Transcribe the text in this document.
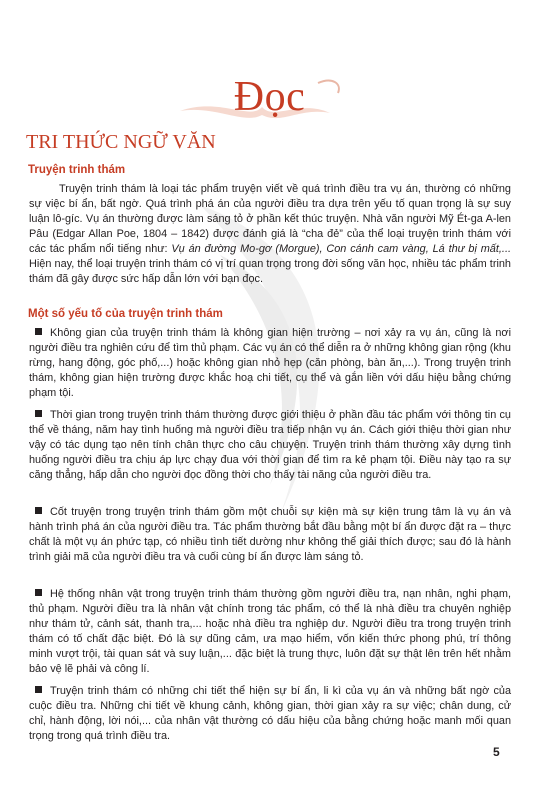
Đọc
TRI THỨC NGỮ VĂN
Truyện trinh thám

Truyện trinh thám là loại tác phẩm truyện viết về quá trình điều tra vụ án, thường có những sự việc bí ẩn, bất ngờ. Quá trình phá án của người điều tra dựa trên yếu tố quan trọng là sự suy luận lô-gíc. Vụ án thường được làm sáng tỏ ở phần kết thúc truyện. Nhà văn người Mỹ Ét-ga A-len Pâu (Edgar Allan Poe, 1804 – 1842) được đánh giá là “cha đẻ” của thể loại truyện trinh thám với các tác phẩm nổi tiếng như: Vụ án đường Mo-gơ (Morgue), Con cánh cam vàng, Lá thư bị mất,... Hiện nay, thể loại truyện trinh thám có vị trí quan trọng trong đời sống văn học, nhiều tác phẩm trinh thám đã gây được sức hấp dẫn lớn với bạn đọc.

Một số yếu tố của truyện trinh thám

Không gian của truyện trinh thám là không gian hiện trường – nơi xảy ra vụ án, cũng là nơi người điều tra nghiên cứu để tìm thủ phạm. Các vụ án có thể diễn ra ở những không gian rộng (khu rừng, hang động, góc phố,...) hoặc không gian nhỏ hẹp (căn phòng, bàn ăn,...). Trong truyện trinh thám, không gian hiện trường được khắc hoạ chi tiết, cụ thể và gắn liền với dấu hiệu bằng chứng phạm tội.

Thời gian trong truyện trinh thám thường được giới thiệu ở phần đầu tác phẩm với thông tin cụ thể về tháng, năm hay tình huống mà người điều tra tiếp nhận vụ án. Cách giới thiệu thời gian như vậy có tác dụng tạo nên tính chân thực cho câu chuyện. Truyện trinh thám thường xây dựng tình huống người điều tra chịu áp lực chạy đua với thời gian để tìm ra kẻ phạm tội. Điều này tạo ra sự căng thẳng, hấp dẫn cho người đọc đồng thời cho thấy tài năng của người điều tra.

Cốt truyện trong truyện trinh thám gồm một chuỗi sự kiện mà sự kiện trung tâm là vụ án và hành trình phá án của người điều tra. Tác phẩm thường bắt đầu bằng một bí ẩn được đặt ra – thực chất là một vụ án phức tạp, có nhiều tình tiết dường như không thể giải thích được; sau đó là hành trình giải mã của người điều tra và cuối cùng bí ẩn được làm sáng tỏ.

Hệ thống nhân vật trong truyện trinh thám thường gồm người điều tra, nạn nhân, nghi phạm, thủ phạm. Người điều tra là nhân vật chính trong tác phẩm, có thể là nhà điều tra chuyên nghiệp như thám tử, cảnh sát, thanh tra,... hoặc nhà điều tra nghiệp dư. Người điều tra trong truyện trinh thám có tố chất đặc biệt. Đó là sự dũng cảm, ưa mạo hiểm, vốn kiến thức phong phú, trí thông minh vượt trội, tài quan sát và suy luận,... đặc biệt là trung thực, luôn đặt sự thật lên trên hết nhằm bảo vệ lẽ phải và công lí.

Truyện trinh thám có những chi tiết thể hiện sự bí ẩn, li kì của vụ án và những bất ngờ của cuộc điều tra. Những chi tiết về khung cảnh, không gian, thời gian xảy ra sự việc; chân dung, cử chỉ, hành động, lời nói,... của nhân vật thường có dấu hiệu của bằng chứng hoặc manh mối quan trọng trong quá trình điều tra.

5
